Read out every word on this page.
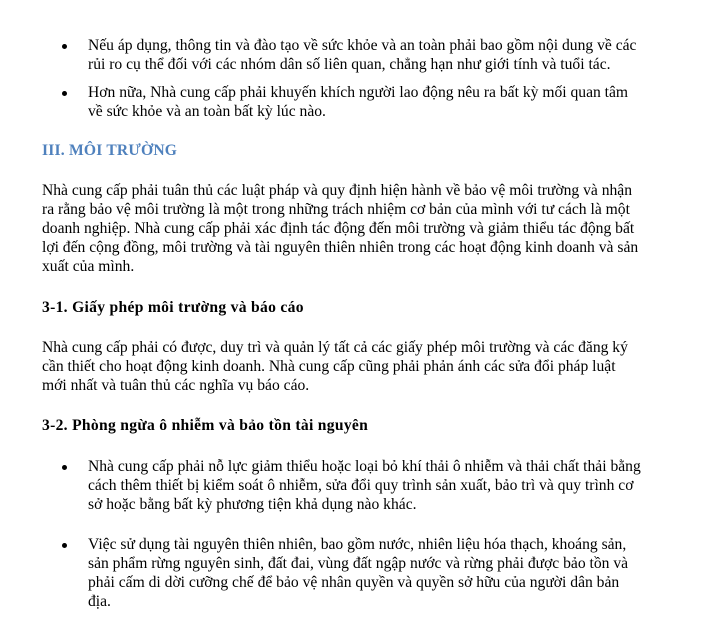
Nếu áp dụng, thông tin và đào tạo về sức khỏe và an toàn phải bao gồm nội dung về các rủi ro cụ thể đối với các nhóm dân số liên quan, chẳng hạn như giới tính và tuổi tác.
Hơn nữa, Nhà cung cấp phải khuyến khích người lao động nêu ra bất kỳ mối quan tâm về sức khỏe và an toàn bất kỳ lúc nào.
III. MÔI TRƯỜNG
Nhà cung cấp phải tuân thủ các luật pháp và quy định hiện hành về bảo vệ môi trường và nhận ra rằng bảo vệ môi trường là một trong những trách nhiệm cơ bản của mình với tư cách là một doanh nghiệp. Nhà cung cấp phải xác định tác động đến môi trường và giảm thiểu tác động bất lợi đến cộng đồng, môi trường và tài nguyên thiên nhiên trong các hoạt động kinh doanh và sản xuất của mình.
3-1. Giấy phép môi trường và báo cáo
Nhà cung cấp phải có được, duy trì và quản lý tất cả các giấy phép môi trường và các đăng ký cần thiết cho hoạt động kinh doanh. Nhà cung cấp cũng phải phản ánh các sửa đổi pháp luật mới nhất và tuân thủ các nghĩa vụ báo cáo.
3-2. Phòng ngừa ô nhiễm và bảo tồn tài nguyên
Nhà cung cấp phải nỗ lực giảm thiểu hoặc loại bỏ khí thải ô nhiễm và thải chất thải bằng cách thêm thiết bị kiểm soát ô nhiễm, sửa đổi quy trình sản xuất, bảo trì và quy trình cơ sở hoặc bằng bất kỳ phương tiện khả dụng nào khác.
Việc sử dụng tài nguyên thiên nhiên, bao gồm nước, nhiên liệu hóa thạch, khoáng sản, sản phẩm rừng nguyên sinh, đất đai, vùng đất ngập nước và rừng phải được bảo tồn và phải cấm di dời cưỡng chế để bảo vệ nhân quyền và quyền sở hữu của người dân bản địa.
